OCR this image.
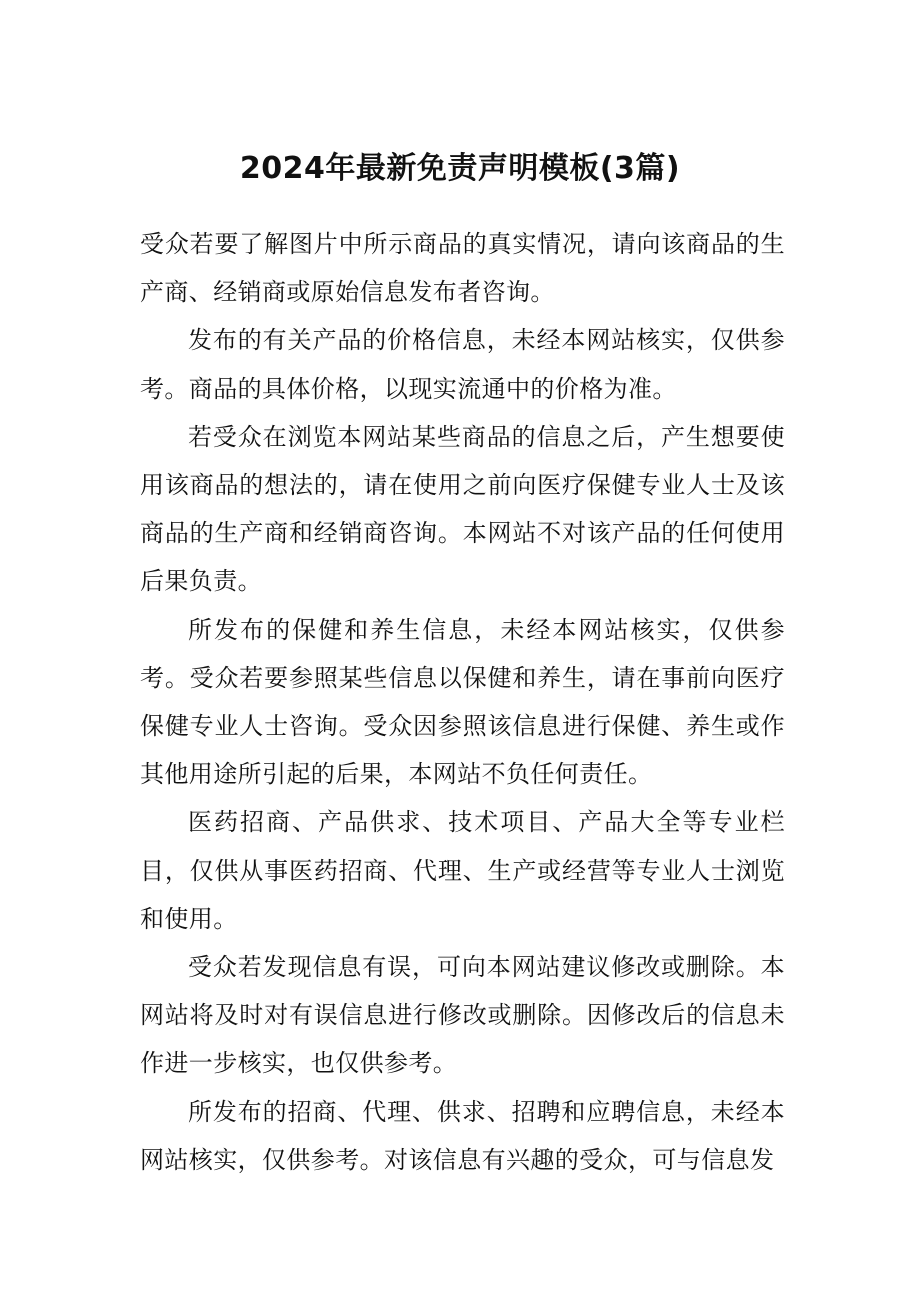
2024年最新免责声明模板(3篇)

受众若要了解图片中所示商品的真实情况，请向该商品的生产商、经销商或原始信息发布者咨询。

发布的有关产品的价格信息，未经本网站核实，仅供参考。商品的具体价格，以现实流通中的价格为准。

若受众在浏览本网站某些商品的信息之后，产生想要使用该商品的想法的，请在使用之前向医疗保健专业人士及该商品的生产商和经销商咨询。本网站不对该产品的任何使用后果负责。

所发布的保健和养生信息，未经本网站核实，仅供参考。受众若要参照某些信息以保健和养生，请在事前向医疗保健专业人士咨询。受众因参照该信息进行保健、养生或作其他用途所引起的后果，本网站不负任何责任。

医药招商、产品供求、技术项目、产品大全等专业栏目，仅供从事医药招商、代理、生产或经营等专业人士浏览和使用。

受众若发现信息有误，可向本网站建议修改或删除。本网站将及时对有误信息进行修改或删除。因修改后的信息未作进一步核实，也仅供参考。

所发布的招商、代理、供求、招聘和应聘信息，未经本网站核实，仅供参考。对该信息有兴趣的受众，可与信息发
